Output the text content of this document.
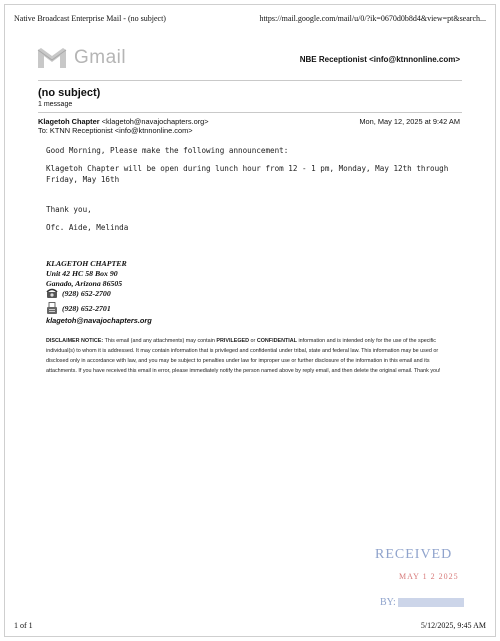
Native Broadcast Enterprise Mail - (no subject)	https://mail.google.com/mail/u/0/?ik=0670d0b8d4&view=pt&search...
Gmail	NBE Receptionist <info@ktnnonline.com>
(no subject)
1 message
Klagetoh Chapter <klagetoh@navajochapters.org>
To: KTNN Receptionist <info@ktnnonline.com>
Mon, May 12, 2025 at 9:42 AM
Good Morning, Please make the following announcement:
Klagetoh Chapter will be open during lunch hour from 12 - 1 pm, Monday, May 12th through Friday, May 16th
Thank you,
Ofc. Aide, Melinda
KLAGETOH CHAPTER
Unit 42 HC 58 Box 90
Ganado, Arizona 86505
(928) 652-2700
(928) 652-2701
klagetoh@navajochapters.org
DISCLAIMER NOTICE: This email (and any attachments) may contain PRIVILEGED or CONFIDENTIAL information and is intended only for the use of the specific individual(s) to whom it is addressed. It may contain information that is privileged and confidential under tribal, state and federal law. This information may be used or disclosed only in accordance with law, and you may be subject to penalties under law for improper use or further disclosure of the information in this email and its attachments. If you have received this email in error, please immediately notify the person named above by reply email, and then delete the original email. Thank you!
RECEIVED
MAY 1 2 2025
BY:
1 of 1	5/12/2025, 9:45 AM
